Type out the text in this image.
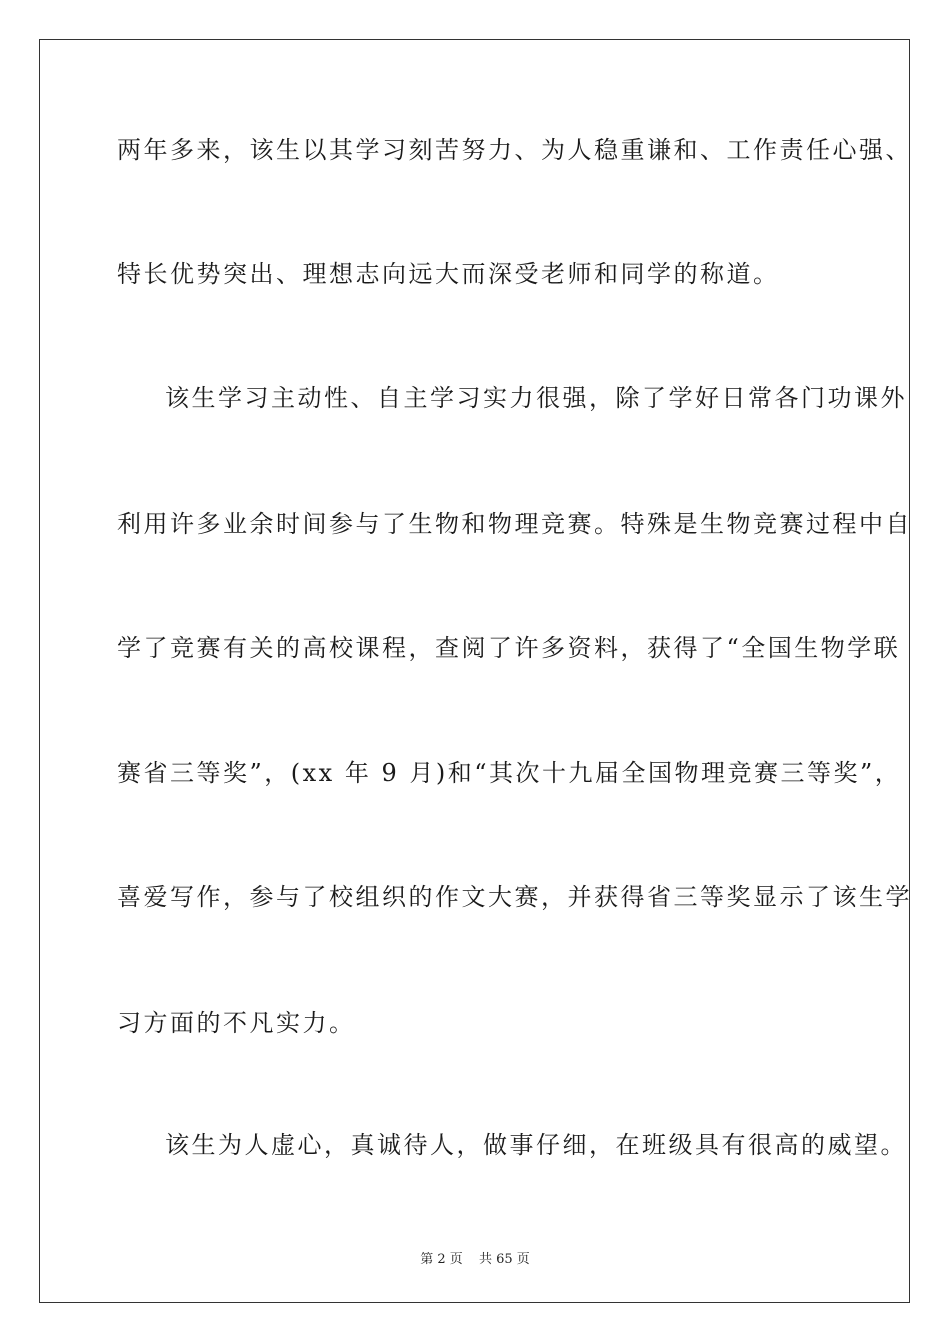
两年多来，该生以其学习刻苦努力、为人稳重谦和、工作责任心强、
特长优势突出、理想志向远大而深受老师和同学的称道。
该生学习主动性、自主学习实力很强，除了学好日常各门功课外
利用许多业余时间参与了生物和物理竞赛。特殊是生物竞赛过程中自
学了竞赛有关的高校课程，查阅了许多资料，获得了“全国生物学联
赛省三等奖”，(xx 年 9 月)和“其次十九届全国物理竞赛三等奖”，
喜爱写作，参与了校组织的作文大赛，并获得省三等奖显示了该生学
习方面的不凡实力。
该生为人虚心，真诚待人，做事仔细，在班级具有很高的威望。
第 2 页 共 65 页
